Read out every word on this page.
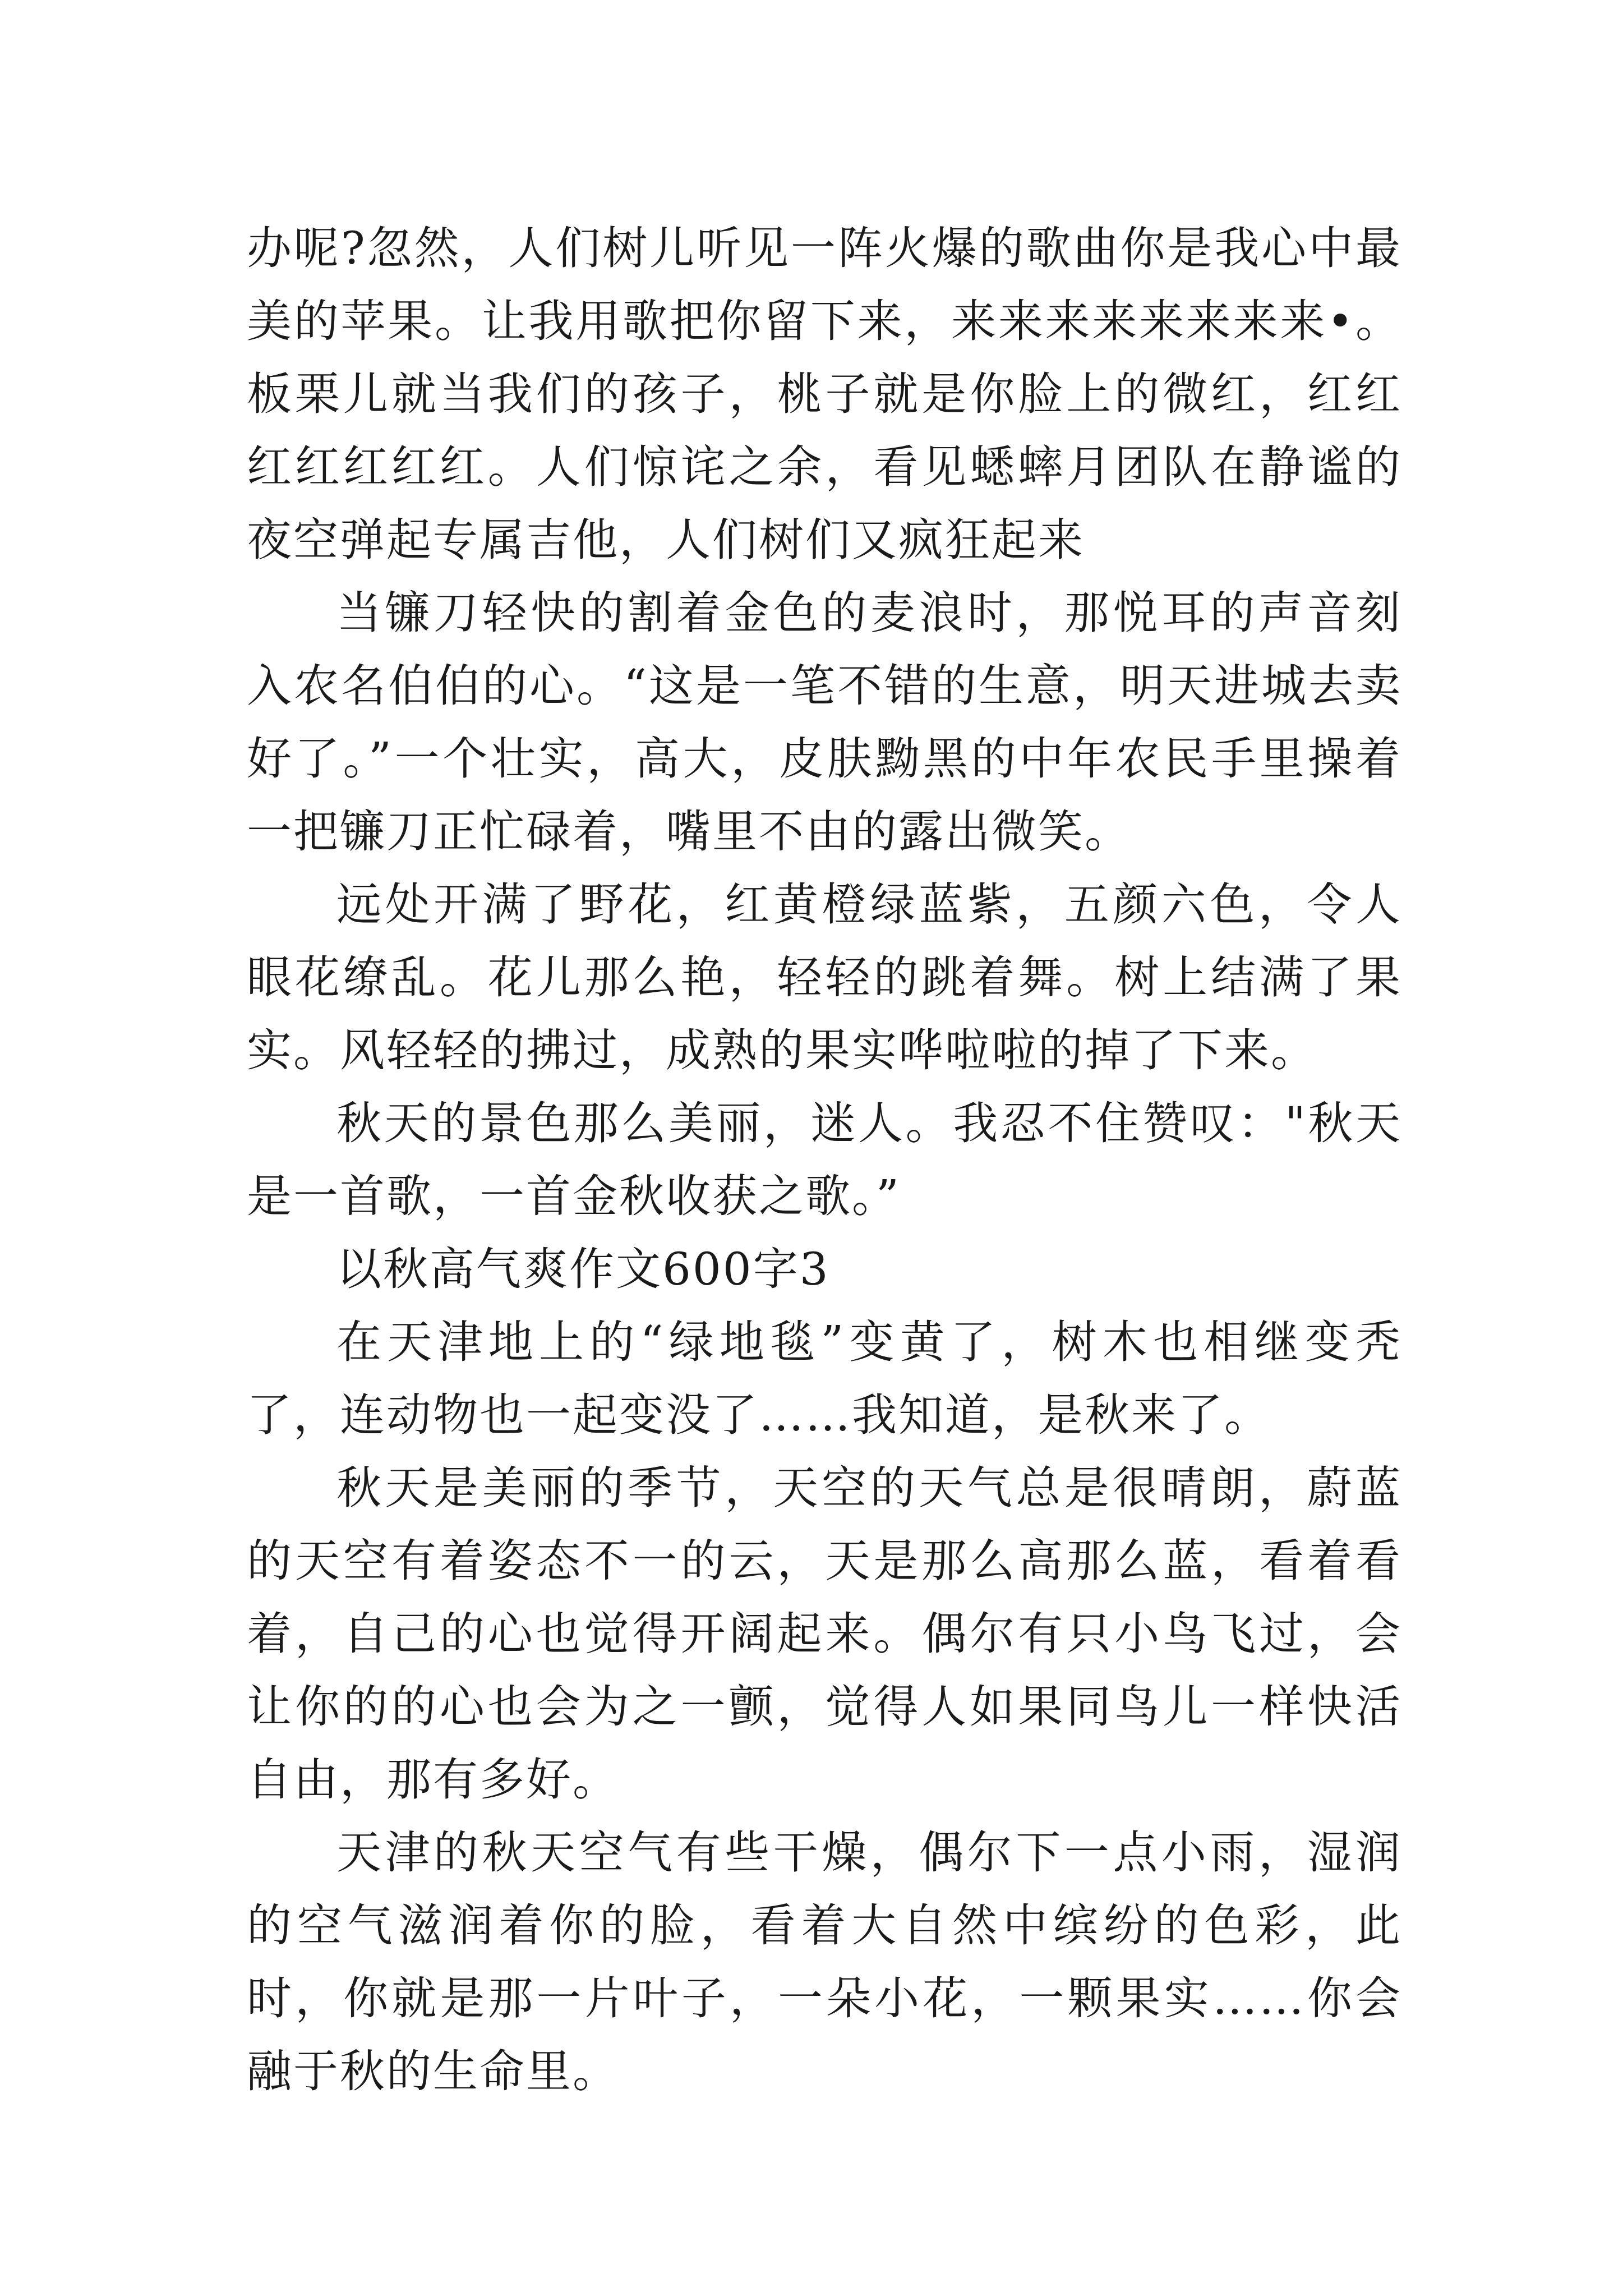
办呢?忽然，人们树儿听见一阵火爆的歌曲你是我心中最美的苹果。让我用歌把你留下来，来来来来来来来来•。板栗儿就当我们的孩子，桃子就是你脸上的微红，红红红红红红红。人们惊诧之余，看见蟋蟀月团队在静谧的夜空弹起专属吉他，人们树们又疯狂起来

当镰刀轻快的割着金色的麦浪时，那悦耳的声音刻入农名伯伯的心。“这是一笔不错的生意，明天进城去卖好了。”一个壮实，高大，皮肤黝黑的中年农民手里操着一把镰刀正忙碌着，嘴里不由的露出微笑。

远处开满了野花，红黄橙绿蓝紫，五颜六色，令人眼花缭乱。花儿那么艳，轻轻的跳着舞。树上结满了果实。风轻轻的拂过，成熟的果实哗啦啦的掉了下来。

秋天的景色那么美丽，迷人。我忍不住赞叹："秋天是一首歌，一首金秋收获之歌。”

以秋高气爽作文600字3

在天津地上的“绿地毯”变黄了，树木也相继变秃了，连动物也一起变没了……我知道，是秋来了。

秋天是美丽的季节，天空的天气总是很晴朗，蔚蓝的天空有着姿态不一的云，天是那么高那么蓝，看着看着，自己的心也觉得开阔起来。偶尔有只小鸟飞过，会让你的的心也会为之一颤，觉得人如果同鸟儿一样快活自由，那有多好。

天津的秋天空气有些干燥，偶尔下一点小雨，湿润的空气滋润着你的脸，看着大自然中缤纷的色彩，此时，你就是那一片叶子，一朵小花，一颗果实……你会融于秋的生命里。
